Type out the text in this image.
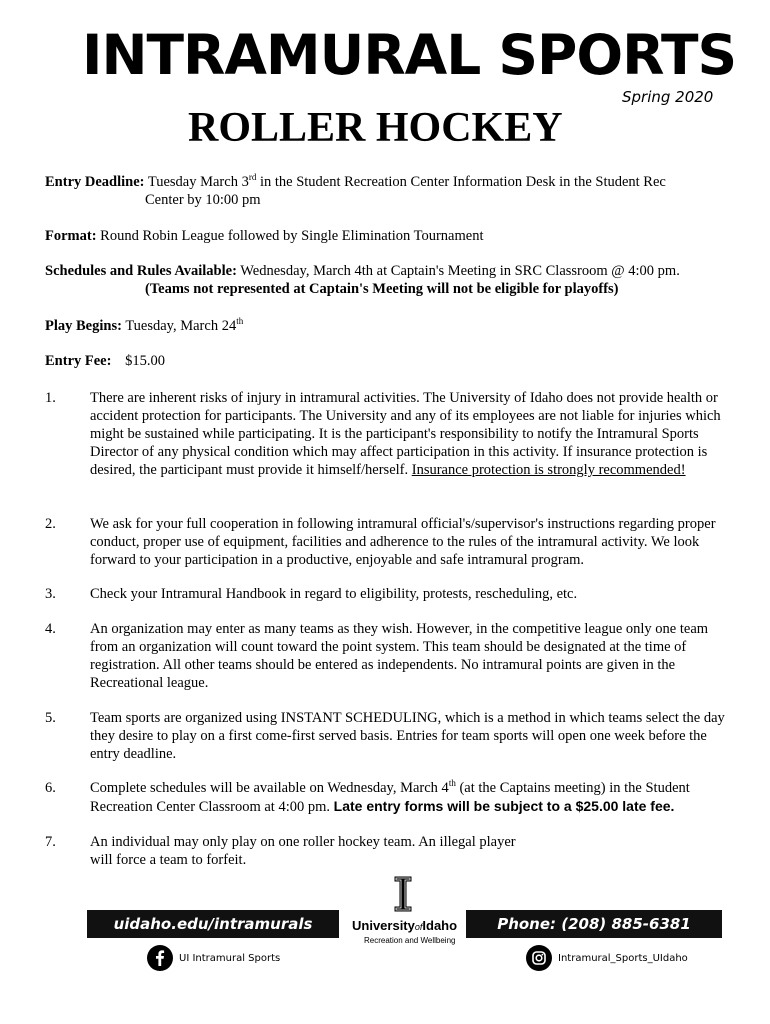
INTRAMURAL SPORTS
Spring 2020
ROLLER HOCKEY
Entry Deadline: Tuesday March 3rd in the Student Recreation Center Information Desk in the Student Rec
Center by 10:00 pm
Format: Round Robin League followed by Single Elimination Tournament
Schedules and Rules Available: Wednesday, March 4th at Captain's Meeting in SRC Classroom @ 4:00 pm.
(Teams not represented at Captain's Meeting will not be eligible for playoffs)
Play Begins: Tuesday, March 24th
Entry Fee: $15.00
1. There are inherent risks of injury in intramural activities. The University of Idaho does not provide health or accident protection for participants. The University and any of its employees are not liable for injuries which might be sustained while participating. It is the participant's responsibility to notify the Intramural Sports Director of any physical condition which may affect participation in this activity. If insurance protection is desired, the participant must provide it himself/herself. Insurance protection is strongly recommended!
2. We ask for your full cooperation in following intramural official's/supervisor's instructions regarding proper conduct, proper use of equipment, facilities and adherence to the rules of the intramural activity. We look forward to your participation in a productive, enjoyable and safe intramural program.
3. Check your Intramural Handbook in regard to eligibility, protests, rescheduling, etc.
4. An organization may enter as many teams as they wish. However, in the competitive league only one team from an organization will count toward the point system. This team should be designated at the time of registration. All other teams should be entered as independents. No intramural points are given in the Recreational league.
5. Team sports are organized using INSTANT SCHEDULING, which is a method in which teams select the day they desire to play on a first come-first served basis. Entries for team sports will open one week before the entry deadline.
6. Complete schedules will be available on Wednesday, March 4th (at the Captains meeting) in the Student Recreation Center Classroom at 4:00 pm. Late entry forms will be subject to a $25.00 late fee.
7. An individual may only play on one roller hockey team. An illegal player
will force a team to forfeit.
uidaho.edu/intramurals	Phone: (208) 885-6381
UniversityofIdaho
Recreation and Wellbeing
UI Intramural Sports	Intramural_Sports_UIdaho
